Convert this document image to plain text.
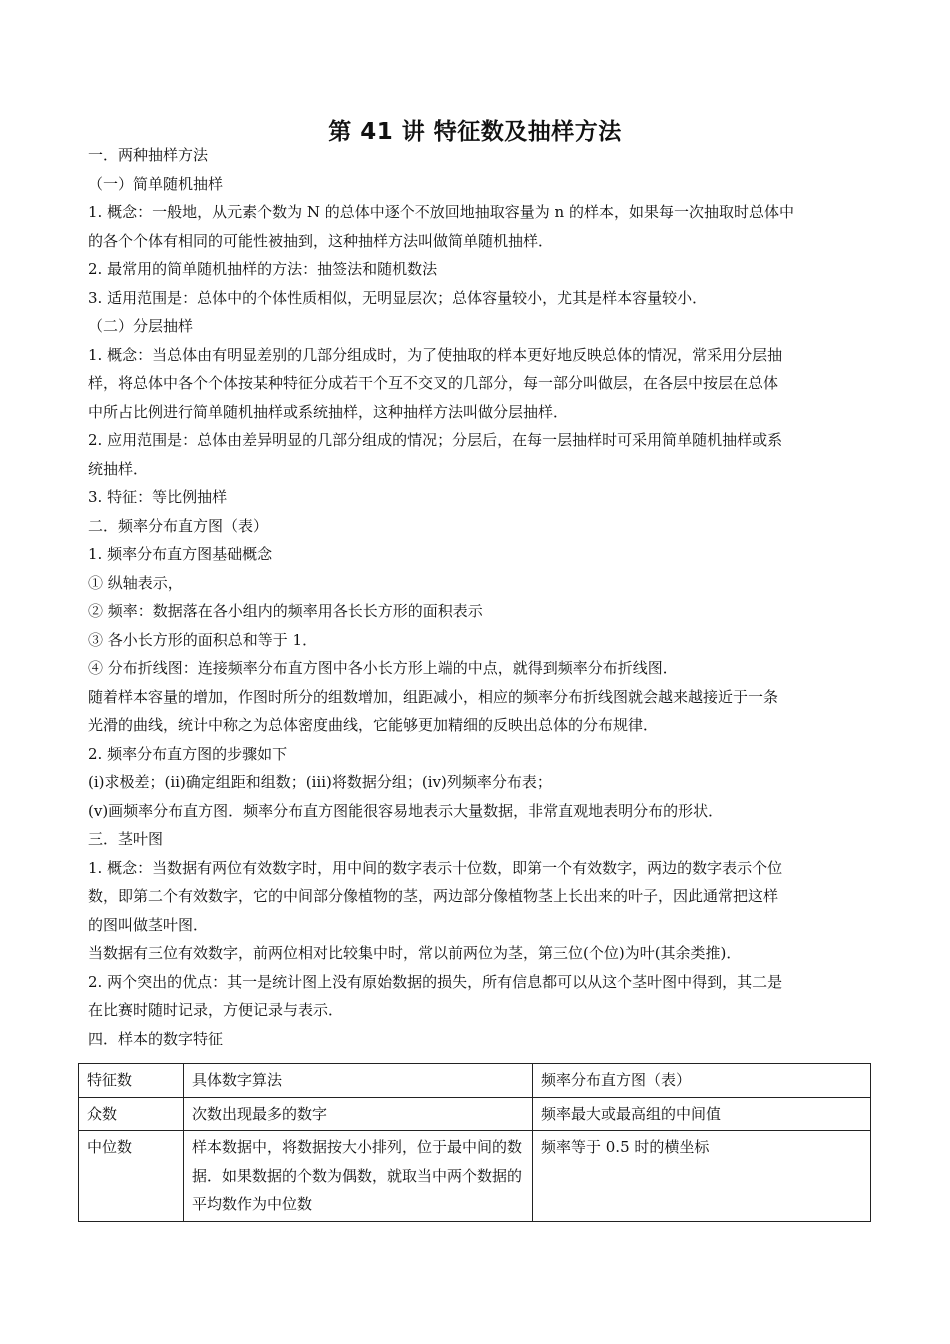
第 41 讲 特征数及抽样方法

一．两种抽样方法

（一）简单随机抽样

1. 概念：一般地，从元素个数为 N 的总体中逐个不放回地抽取容量为 n 的样本，如果每一次抽取时总体中

的各个个体有相同的可能性被抽到，这种抽样方法叫做简单随机抽样．

2. 最常用的简单随机抽样的方法：抽签法和随机数法

3. 适用范围是：总体中的个体性质相似，无明显层次；总体容量较小，尤其是样本容量较小．

（二）分层抽样

1. 概念：当总体由有明显差别的几部分组成时，为了使抽取的样本更好地反映总体的情况，常采用分层抽

样，将总体中各个个体按某种特征分成若干个互不交叉的几部分，每一部分叫做层，在各层中按层在总体

中所占比例进行简单随机抽样或系统抽样，这种抽样方法叫做分层抽样．

2. 应用范围是：总体由差异明显的几部分组成的情况；分层后，在每一层抽样时可采用简单随机抽样或系

统抽样．

3. 特征：等比例抽样

二．频率分布直方图（表）

1. 频率分布直方图基础概念

① 纵轴表示，

② 频率：数据落在各小组内的频率用各长长方形的面积表示

③ 各小长方形的面积总和等于 1．

④ 分布折线图：连接频率分布直方图中各小长方形上端的中点，就得到频率分布折线图．

随着样本容量的增加，作图时所分的组数增加，组距减小，相应的频率分布折线图就会越来越接近于一条

光滑的曲线，统计中称之为总体密度曲线，它能够更加精细的反映出总体的分布规律．

2. 频率分布直方图的步骤如下

(ⅰ)求极差；(ⅱ)确定组距和组数；(ⅲ)将数据分组；(ⅳ)列频率分布表；

(ⅴ)画频率分布直方图．频率分布直方图能很容易地表示大量数据，非常直观地表明分布的形状．

三．茎叶图

1. 概念：当数据有两位有效数字时，用中间的数字表示十位数，即第一个有效数字，两边的数字表示个位

数，即第二个有效数字，它的中间部分像植物的茎，两边部分像植物茎上长出来的叶子，因此通常把这样

的图叫做茎叶图．

当数据有三位有效数字，前两位相对比较集中时，常以前两位为茎，第三位(个位)为叶(其余类推)．

2. 两个突出的优点：其一是统计图上没有原始数据的损失，所有信息都可以从这个茎叶图中得到，其二是

在比赛时随时记录，方便记录与表示．

四．样本的数字特征

特征数	具体数字算法	频率分布直方图（表）
众数	次数出现最多的数字	频率最大或最高组的中间值
中位数	样本数据中，将数据按大小排列，位于最中间的数据．如果数据的个数为偶数，就取当中两个数据的平均数作为中位数	频率等于 0.5 时的横坐标
